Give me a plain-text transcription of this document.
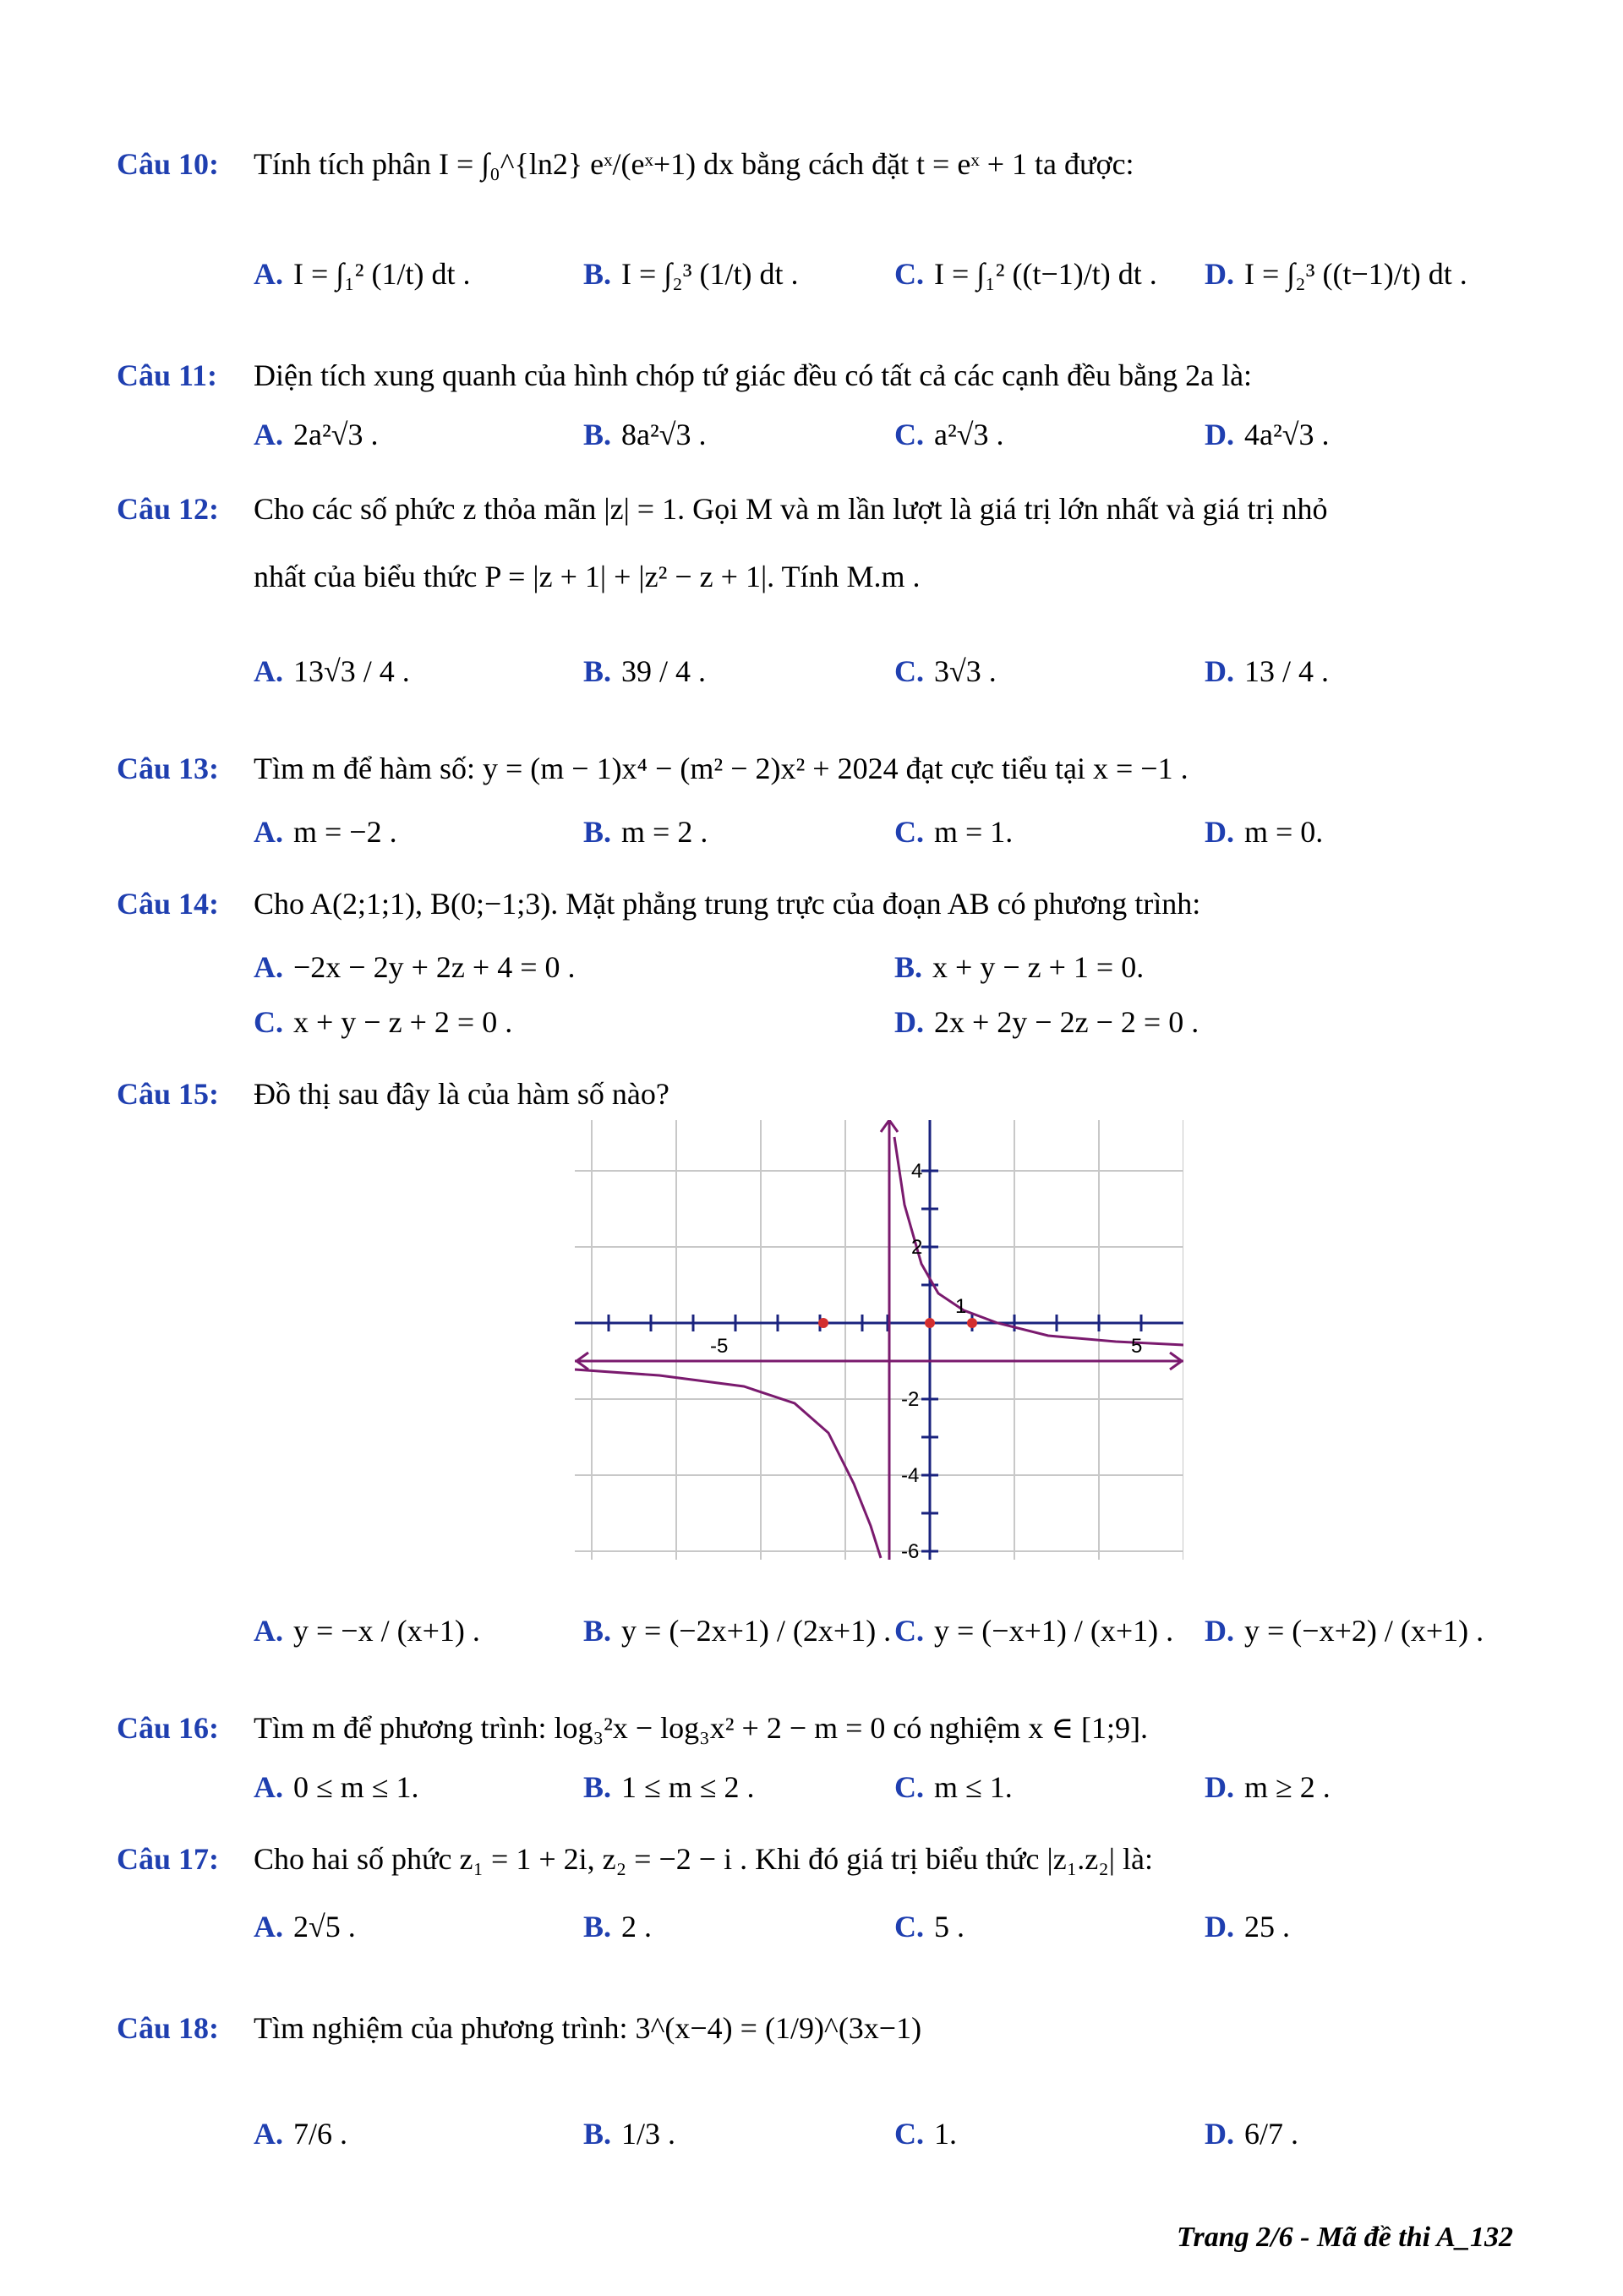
Câu 10: Tính tích phân I = ∫₀^{ln2} eˣ/(eˣ+1) dx bằng cách đặt t = eˣ + 1 ta được:
A. I = ∫₁² (1/t) dt .	B. I = ∫₂³ (1/t) dt .	C. I = ∫₁² ((t−1)/t) dt . D. I = ∫₂³ ((t−1)/t) dt .
Câu 11: Diện tích xung quanh của hình chóp tứ giác đều có tất cả các cạnh đều bằng 2a là:
A. 2a²√3 .	B. 8a²√3 .	C. a²√3 .	D. 4a²√3 .
Câu 12: Cho các số phức z thỏa mãn |z| = 1. Gọi M và m lần lượt là giá trị lớn nhất và giá trị nhỏ
nhất của biểu thức P = |z + 1| + |z² − z + 1|. Tính M.m .
A. 13√3 / 4 .	B. 39 / 4 .	C. 3√3 .	D. 13 / 4 .
Câu 13: Tìm m để hàm số: y = (m − 1)x⁴ − (m² − 2)x² + 2024 đạt cực tiểu tại x = −1 .
A. m = −2 .	B. m = 2 .	C. m = 1.	D. m = 0.
Câu 14: Cho A(2;1;1), B(0;−1;3). Mặt phẳng trung trực của đoạn AB có phương trình:
A. −2x − 2y + 2z + 4 = 0 .	B. x + y − z + 1 = 0.
C. x + y − z + 2 = 0 .	D. 2x + 2y − 2z − 2 = 0 .
Câu 15: Đồ thị sau đây là của hàm số nào?
-5	5
4
2
1
-2
-4
-6
A. y = −x / (x+1) .	B. y = (−2x+1) / (2x+1) . C. y = (−x+1) / (x+1) . D. y = (−x+2) / (x+1) .
Câu 16: Tìm m để phương trình: log₃²x − log₃x² + 2 − m = 0 có nghiệm x ∈ [1;9].
A. 0 ≤ m ≤ 1.	B. 1 ≤ m ≤ 2 .	C. m ≤ 1.	D. m ≥ 2 .
Câu 17: Cho hai số phức z₁ = 1 + 2i, z₂ = −2 − i . Khi đó giá trị biểu thức |z₁.z₂| là:
A. 2√5 .	B. 2 .	C. 5 .	D. 25 .
Câu 18: Tìm nghiệm của phương trình: 3^(x−4) = (1/9)^(3x−1)
A. 7/6 .	B. 1/3 .	C. 1.	D. 6/7 .
Trang 2/6 - Mã đề thi A_132
